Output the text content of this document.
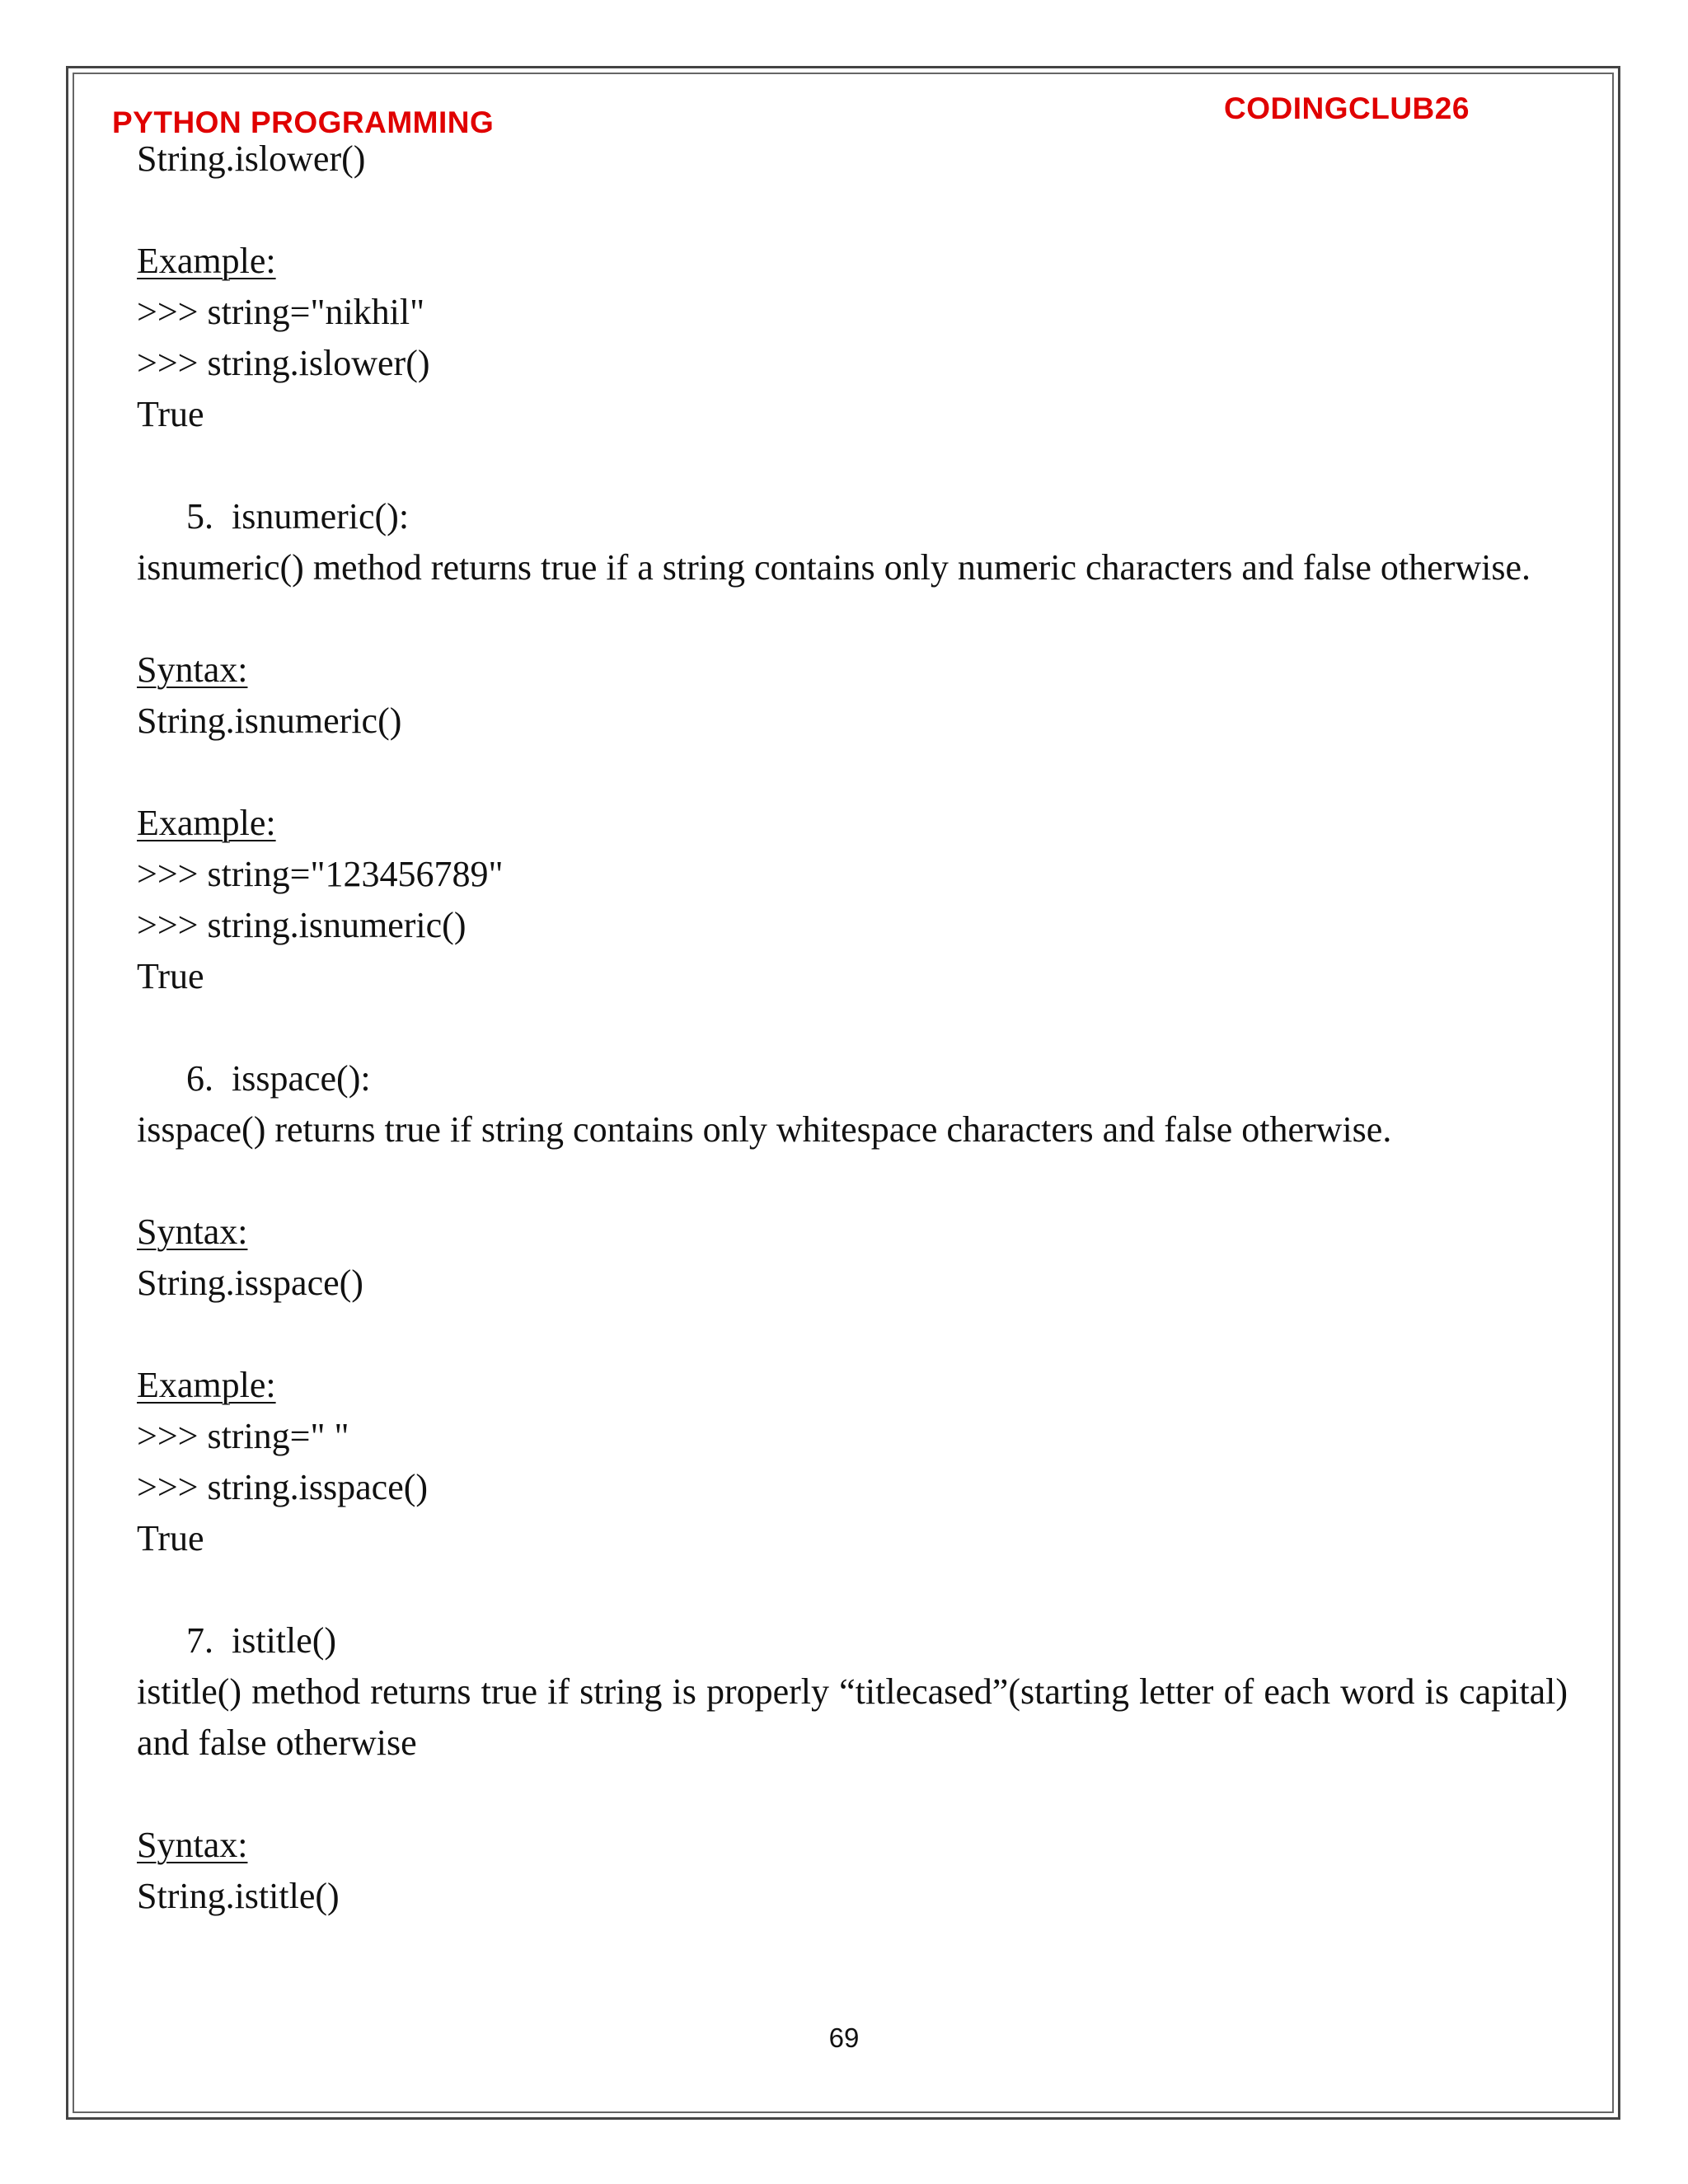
PYTHON PROGRAMMING	CODINGCLUB26
String.islower()
Example:
>>> string="nikhil"
>>> string.islower()
True
5.  isnumeric():
isnumeric() method returns true if a string contains only numeric characters and false otherwise.
Syntax:
String.isnumeric()
Example:
>>> string="123456789"
>>> string.isnumeric()
True
6.  isspace():
isspace() returns true if string contains only whitespace characters and false otherwise.
Syntax:
String.isspace()
Example:
>>> string=" "
>>> string.isspace()
True
7.  istitle()
istitle() method returns true if string is properly “titlecased”(starting letter of each word is capital) and false otherwise
Syntax:
String.istitle()
69
